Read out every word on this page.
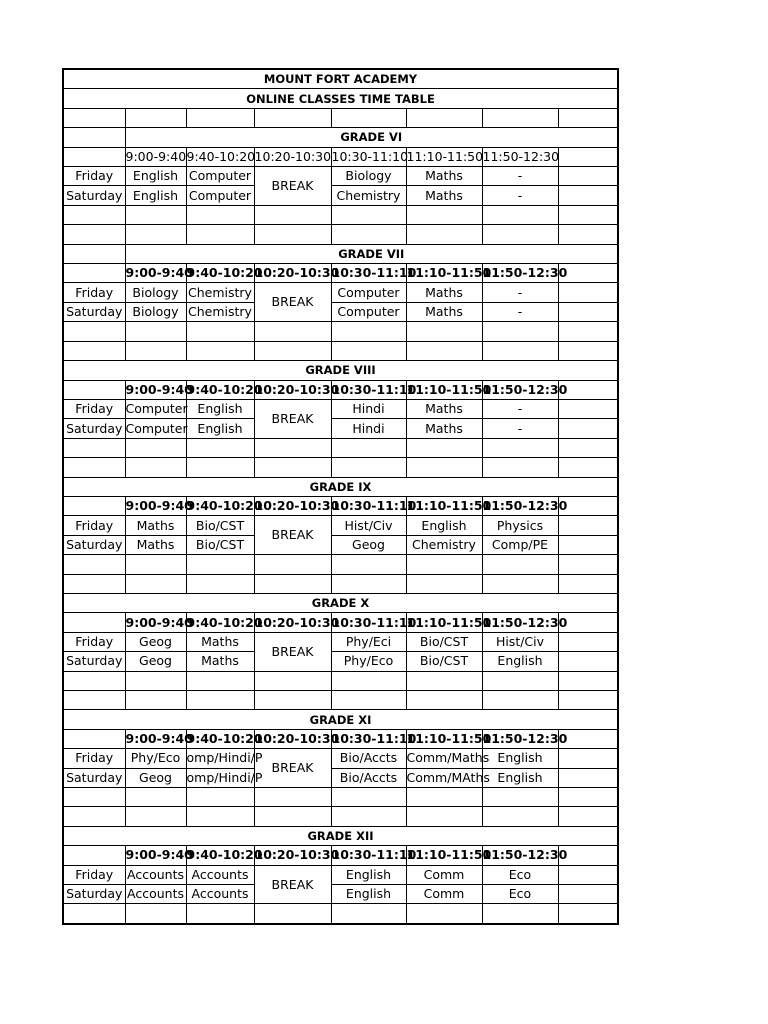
MOUNT FORT ACADEMY							
ONLINE CLASSES TIME TABLE							

	GRADE VI						
	9:00-9:40	9:40-10:20	10:20-10:30	10:30-11:10	11:10-11:50	11:50-12:30	
Friday	English	Computer	BREAK	Biology	Maths	-	
Saturday	English	Computer		Chemistry	Maths	-	

	GRADE VII						
	9:00-9:40	9:40-10:20	10:20-10:30	10:30-11:10	11:10-11:50	11:50-12:30	
Friday	Biology	Chemistry	BREAK	Computer	Maths	-	
Saturday	Biology	Chemistry		Computer	Maths	-	

GRADE VIII							
	9:00-9:40	9:40-10:20	10:20-10:30	10:30-11:10	11:10-11:50	11:50-12:30	
Friday	Computer	English	BREAK	Hindi	Maths	-	
Saturday	Computer	English		Hindi	Maths	-	

GRADE IX							
	9:00-9:40	9:40-10:20	10:20-10:30	10:30-11:10	11:10-11:50	11:50-12:30	
Friday	Maths	Bio/CST	BREAK	Hist/Civ	English	Physics	
Saturday	Maths	Bio/CST		Geog	Chemistry	Comp/PE	

GRADE X							
	9:00-9:40	9:40-10:20	10:20-10:30	10:30-11:10	11:10-11:50	11:50-12:30	
Friday	Geog	Maths	BREAK	Phy/Eci	Bio/CST	Hist/Civ	
Saturday	Geog	Maths		Phy/Eco	Bio/CST	English	

GRADE XI							
	9:00-9:40	9:40-10:20	10:20-10:30	10:30-11:10	11:10-11:50	11:50-12:30	
Friday	Phy/Eco	omp/Hindi/P	BREAK	Bio/Accts	Comm/Maths	English	
Saturday	Geog	omp/Hindi/P		Bio/Accts	Comm/MAths	English	

GRADE XII							
	9:00-9:40	9:40-10:20	10:20-10:30	10:30-11:10	11:10-11:50	11:50-12:30	
Friday	Accounts	Accounts	BREAK	English	Comm	Eco	
Saturday	Accounts	Accounts		English	Comm	Eco	
